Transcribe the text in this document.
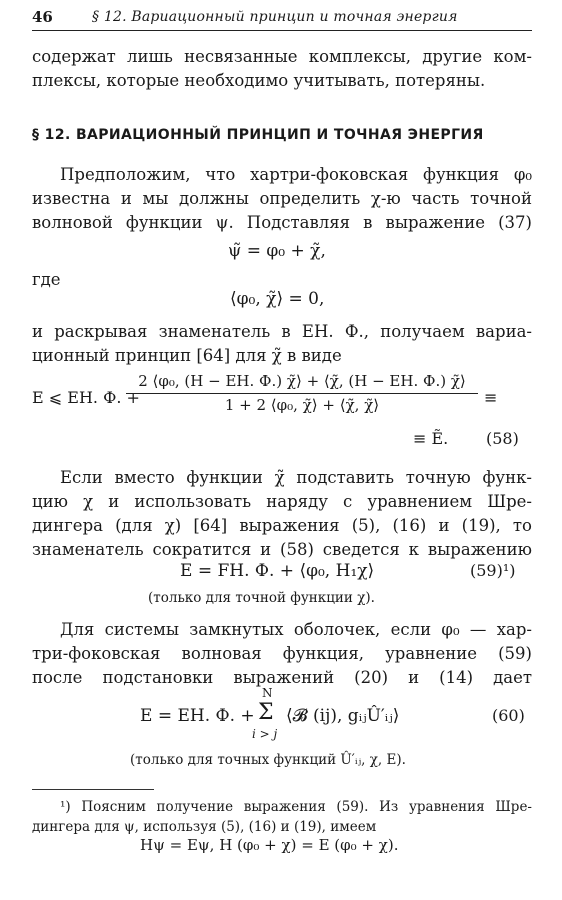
46	§ 12. Вариационный принцип и точная энергия
содержат лишь несвязанные комплексы, другие ком-
плексы, которые необходимо учитывать, потеряны.
§ 12. ВАРИАЦИОННЫЙ ПРИНЦИП И ТОЧНАЯ ЭНЕРГИЯ
Предположим, что хартри-фоковская функция φ₀
известна и мы должны определить χ-ю часть точной
волновой функции ψ. Подставляя в выражение (37)
ψ̃ = φ₀ + χ̃,
где
⟨φ₀, χ̃⟩ = 0,
и раскрывая знаменатель в EН. Ф., получаем вариа-
ционный принцип [64] для χ̃ в виде
E ⩽ EН. Ф. +
2 ⟨φ₀, (H − EН. Ф.) χ̃⟩ + ⟨χ̃, (H − EН. Ф.) χ̃⟩
1 + 2 ⟨φ₀, χ̃⟩ + ⟨χ̃, χ̃⟩	≡
≡ Ẽ. (58)
Если вместо функции χ̃ подставить точную функ-
цию χ и использовать наряду с уравнением Шре-
дингера (для χ) [64] выражения (5), (16) и (19), то
знаменатель сократится и (58) сведется к выражению
E = FН. Ф. + ⟨φ₀, H₁χ⟩	(59)¹)
(только для точной функции χ).
Для системы замкнутых оболочек, если φ₀ — хар-
три-фоковская волновая функция, уравнение (59)
после подстановки выражений (20) и (14) дает
E = EН. Ф. +
N
Σ
i > j
⟨𝓑 (ij), gᵢⱼÛ′ᵢⱼ⟩	(60)
(только для точных функций Û′ᵢⱼ, χ, E).
¹) Поясним получение выражения (59). Из уравнения Шре-
дингера для ψ, используя (5), (16) и (19), имеем
Hψ = Eψ, H (φ₀ + χ) = E (φ₀ + χ).
